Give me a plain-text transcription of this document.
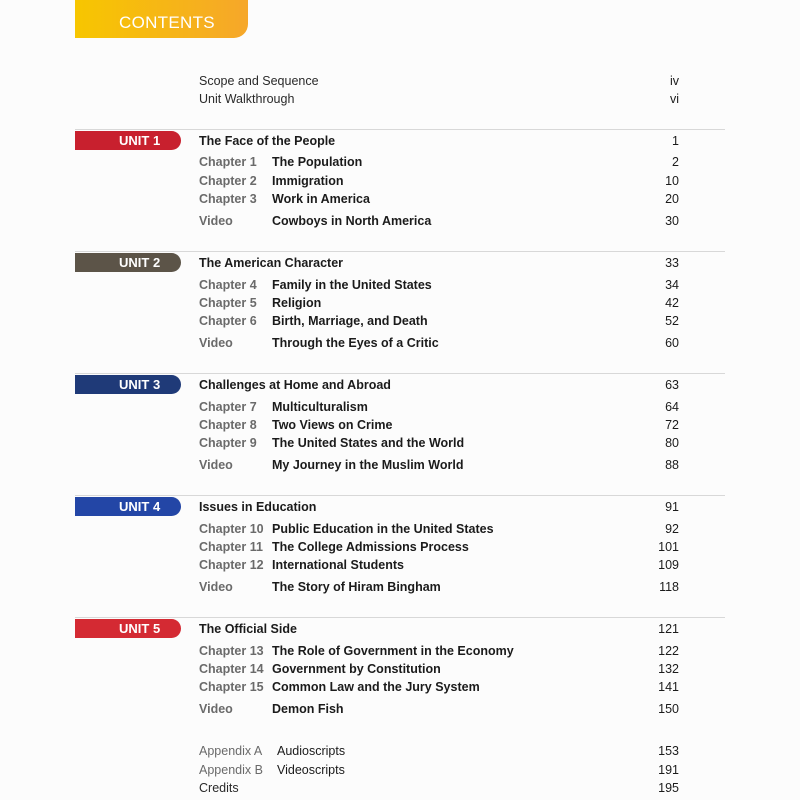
CONTENTS
Scope and Sequence	iv
Unit Walkthrough	vi
UNIT 1	The Face of the People	1
Chapter 1 The Population	2
Chapter 2 Immigration	10
Chapter 3 Work in America	20
Video	Cowboys in North America	30
UNIT 2	The American Character	33
Chapter 4 Family in the United States	34
Chapter 5 Religion	42
Chapter 6 Birth, Marriage, and Death	52
Video	Through the Eyes of a Critic	60
UNIT 3	Challenges at Home and Abroad	63
Chapter 7 Multiculturalism	64
Chapter 8 Two Views on Crime	72
Chapter 9 The United States and the World	80
Video	My Journey in the Muslim World	88
UNIT 4	Issues in Education	91
Chapter 10 Public Education in the United States	92
Chapter 11 The College Admissions Process	101
Chapter 12 International Students	109
Video	The Story of Hiram Bingham	118
UNIT 5	The Official Side	121
Chapter 13 The Role of Government in the Economy	122
Chapter 14 Government by Constitution	132
Chapter 15 Common Law and the Jury System	141
Video	Demon Fish	150
Appendix A Audioscripts	153
Appendix B Videoscripts	191
Credits	195
